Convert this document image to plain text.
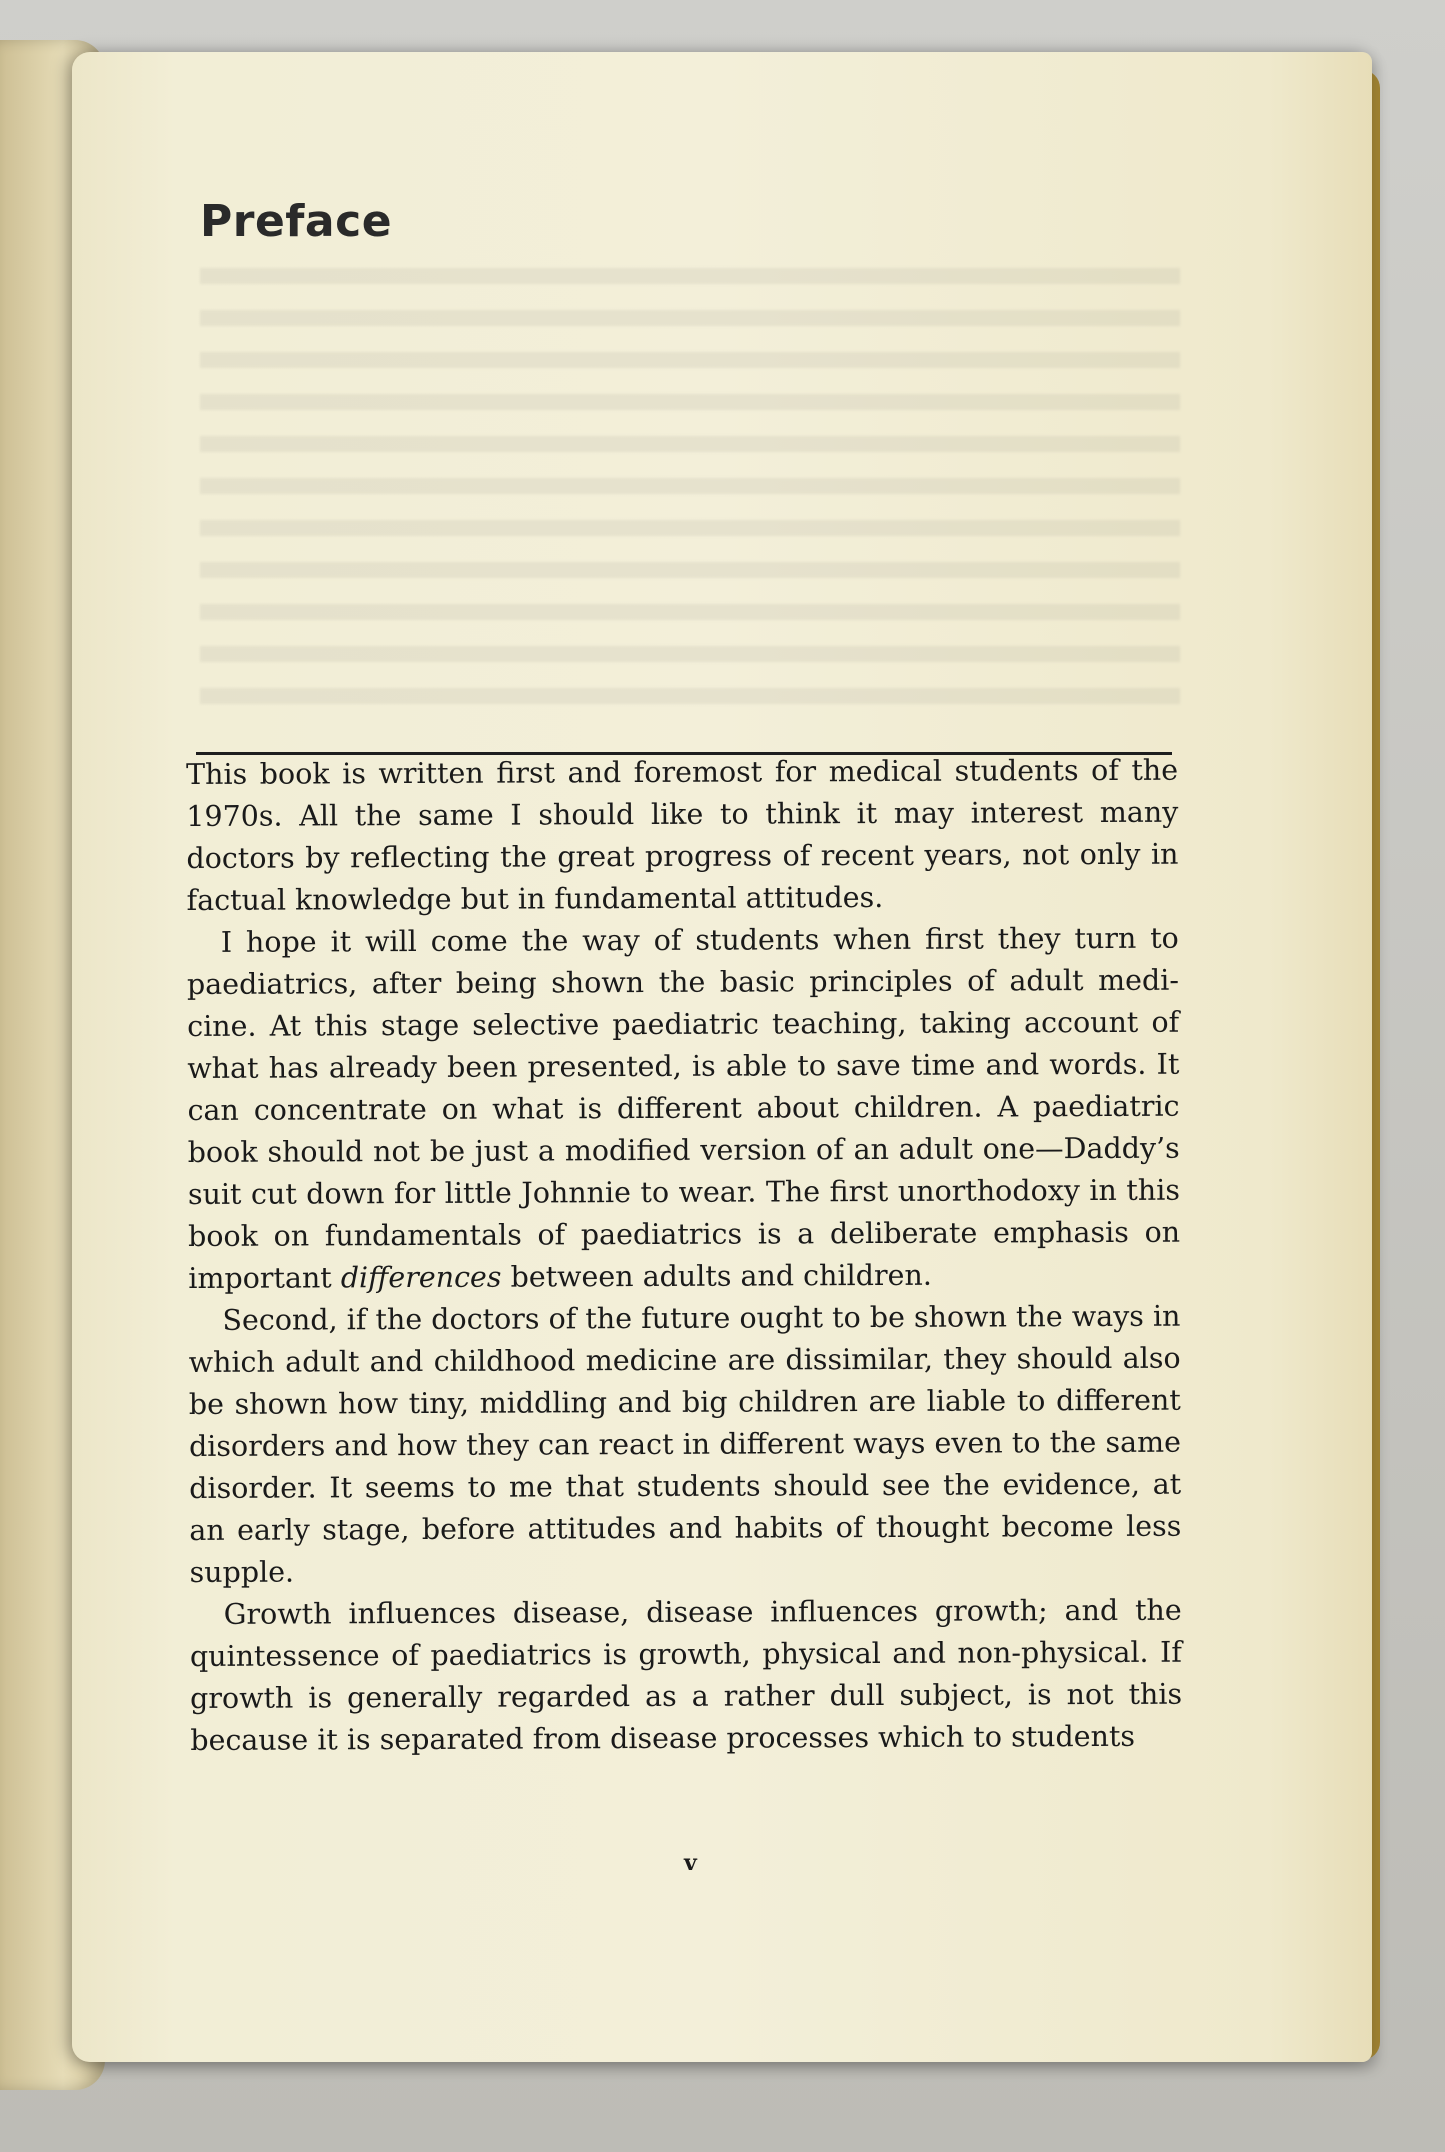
Preface

This book is written first and foremost for medical students of the 1970s. All the same I should like to think it may interest many doctors by reflecting the great progress of recent years, not only in factual knowledge but in fundamental attitudes.

I hope it will come the way of students when first they turn to paediatrics, after being shown the basic principles of adult medicine. At this stage selective paediatric teaching, taking account of what has already been presented, is able to save time and words. It can concentrate on what is different about children. A paediatric book should not be just a modified version of an adult one—Daddy’s suit cut down for little Johnnie to wear. The first unorthodoxy in this book on fundamentals of paediatrics is a deliberate emphasis on important differences between adults and children.

Second, if the doctors of the future ought to be shown the ways in which adult and childhood medicine are dissimilar, they should also be shown how tiny, middling and big children are liable to different disorders and how they can react in different ways even to the same disorder. It seems to me that students should see the evidence, at an early stage, before attitudes and habits of thought become less supple.

Growth influences disease, disease influences growth; and the quintessence of paediatrics is growth, physical and non-physical. If growth is generally regarded as a rather dull subject, is not this because it is separated from disease processes which to students

v
